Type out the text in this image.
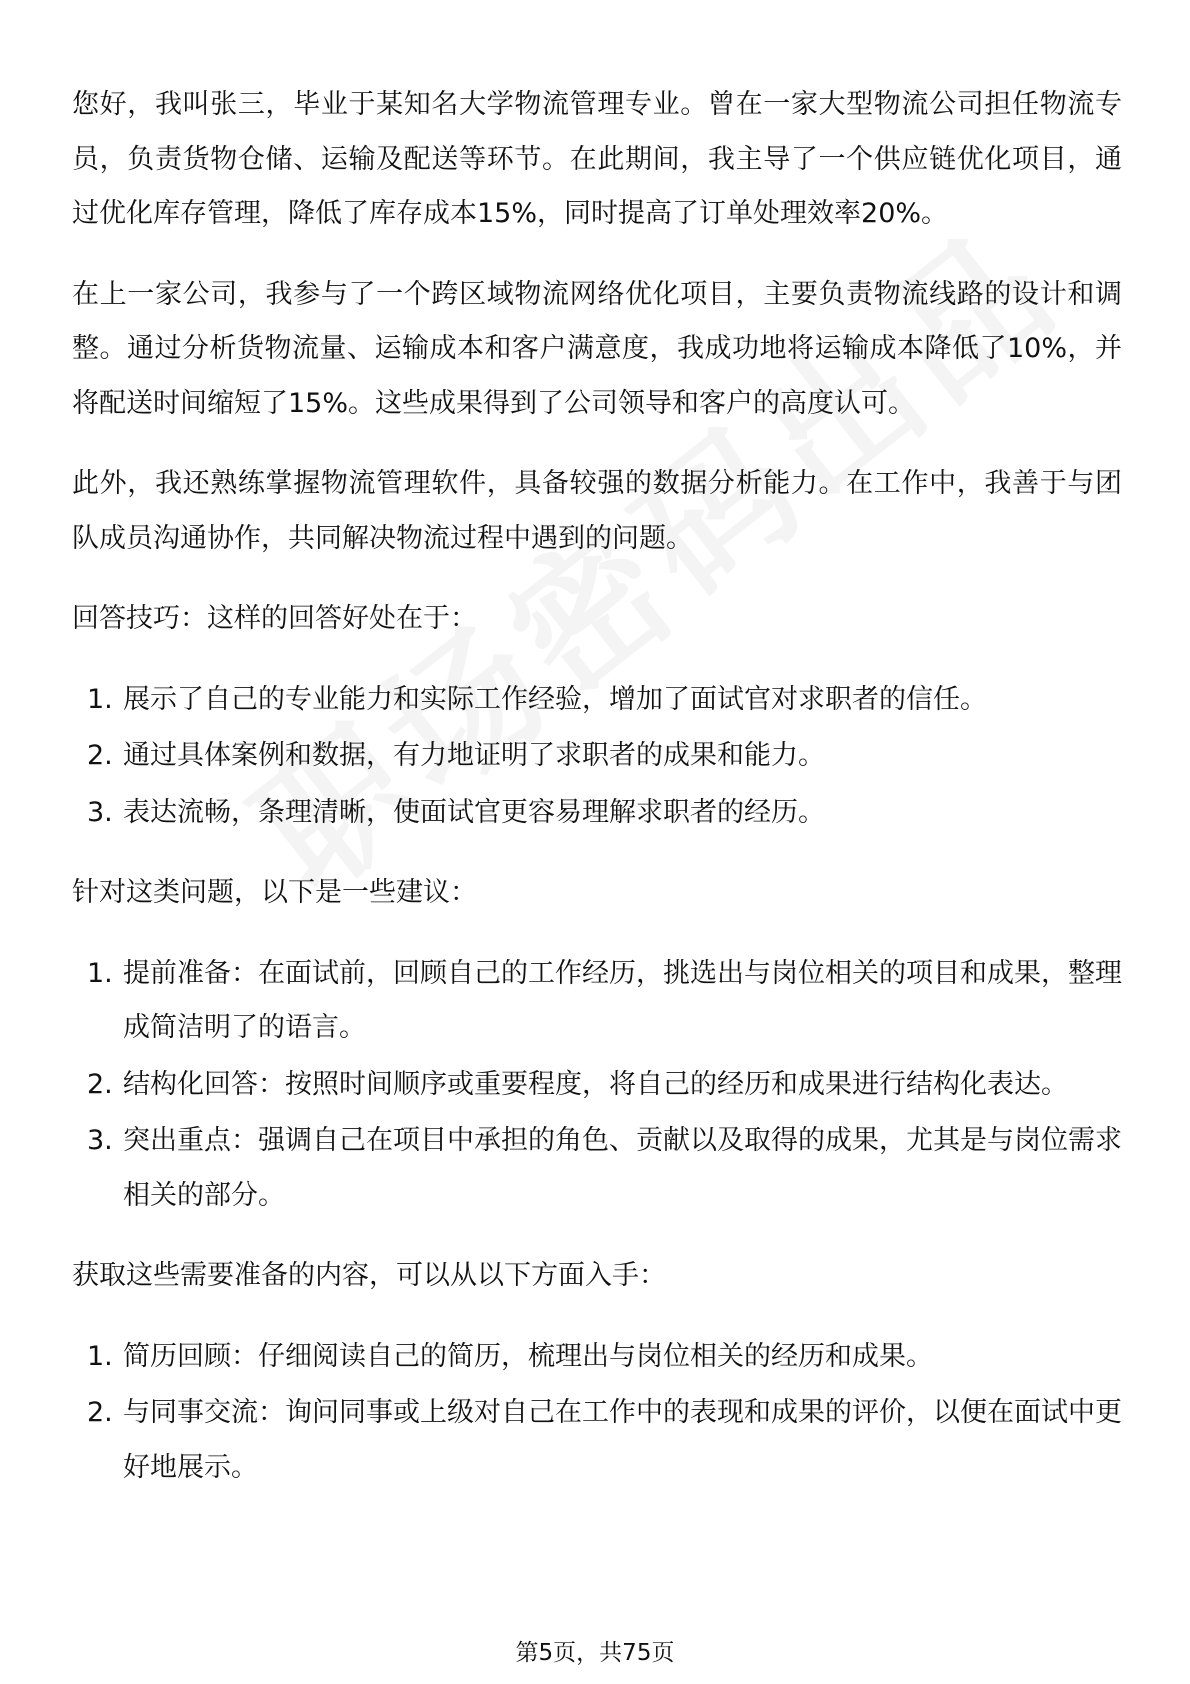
您好，我叫张三，毕业于某知名大学物流管理专业。曾在一家大型物流公司担任物流专员，负责货物仓储、运输及配送等环节。在此期间，我主导了一个供应链优化项目，通过优化库存管理，降低了库存成本15%，同时提高了订单处理效率20%。

在上一家公司，我参与了一个跨区域物流网络优化项目，主要负责物流线路的设计和调整。通过分析货物流量、运输成本和客户满意度，我成功地将运输成本降低了10%，并将配送时间缩短了15%。这些成果得到了公司领导和客户的高度认可。

此外，我还熟练掌握物流管理软件，具备较强的数据分析能力。在工作中，我善于与团队成员沟通协作，共同解决物流过程中遇到的问题。

回答技巧：这样的回答好处在于：

1. 展示了自己的专业能力和实际工作经验，增加了面试官对求职者的信任。
2. 通过具体案例和数据，有力地证明了求职者的成果和能力。
3. 表达流畅，条理清晰，使面试官更容易理解求职者的经历。

针对这类问题，以下是一些建议：

1. 提前准备：在面试前，回顾自己的工作经历，挑选出与岗位相关的项目和成果，整理成简洁明了的语言。
2. 结构化回答：按照时间顺序或重要程度，将自己的经历和成果进行结构化表达。
3. 突出重点：强调自己在项目中承担的角色、贡献以及取得的成果，尤其是与岗位需求相关的部分。

获取这些需要准备的内容，可以从以下方面入手：

1. 简历回顾：仔细阅读自己的简历，梳理出与岗位相关的经历和成果。
2. 与同事交流：询问同事或上级对自己在工作中的表现和成果的评价，以便在面试中更好地展示。
第5页，共75页
